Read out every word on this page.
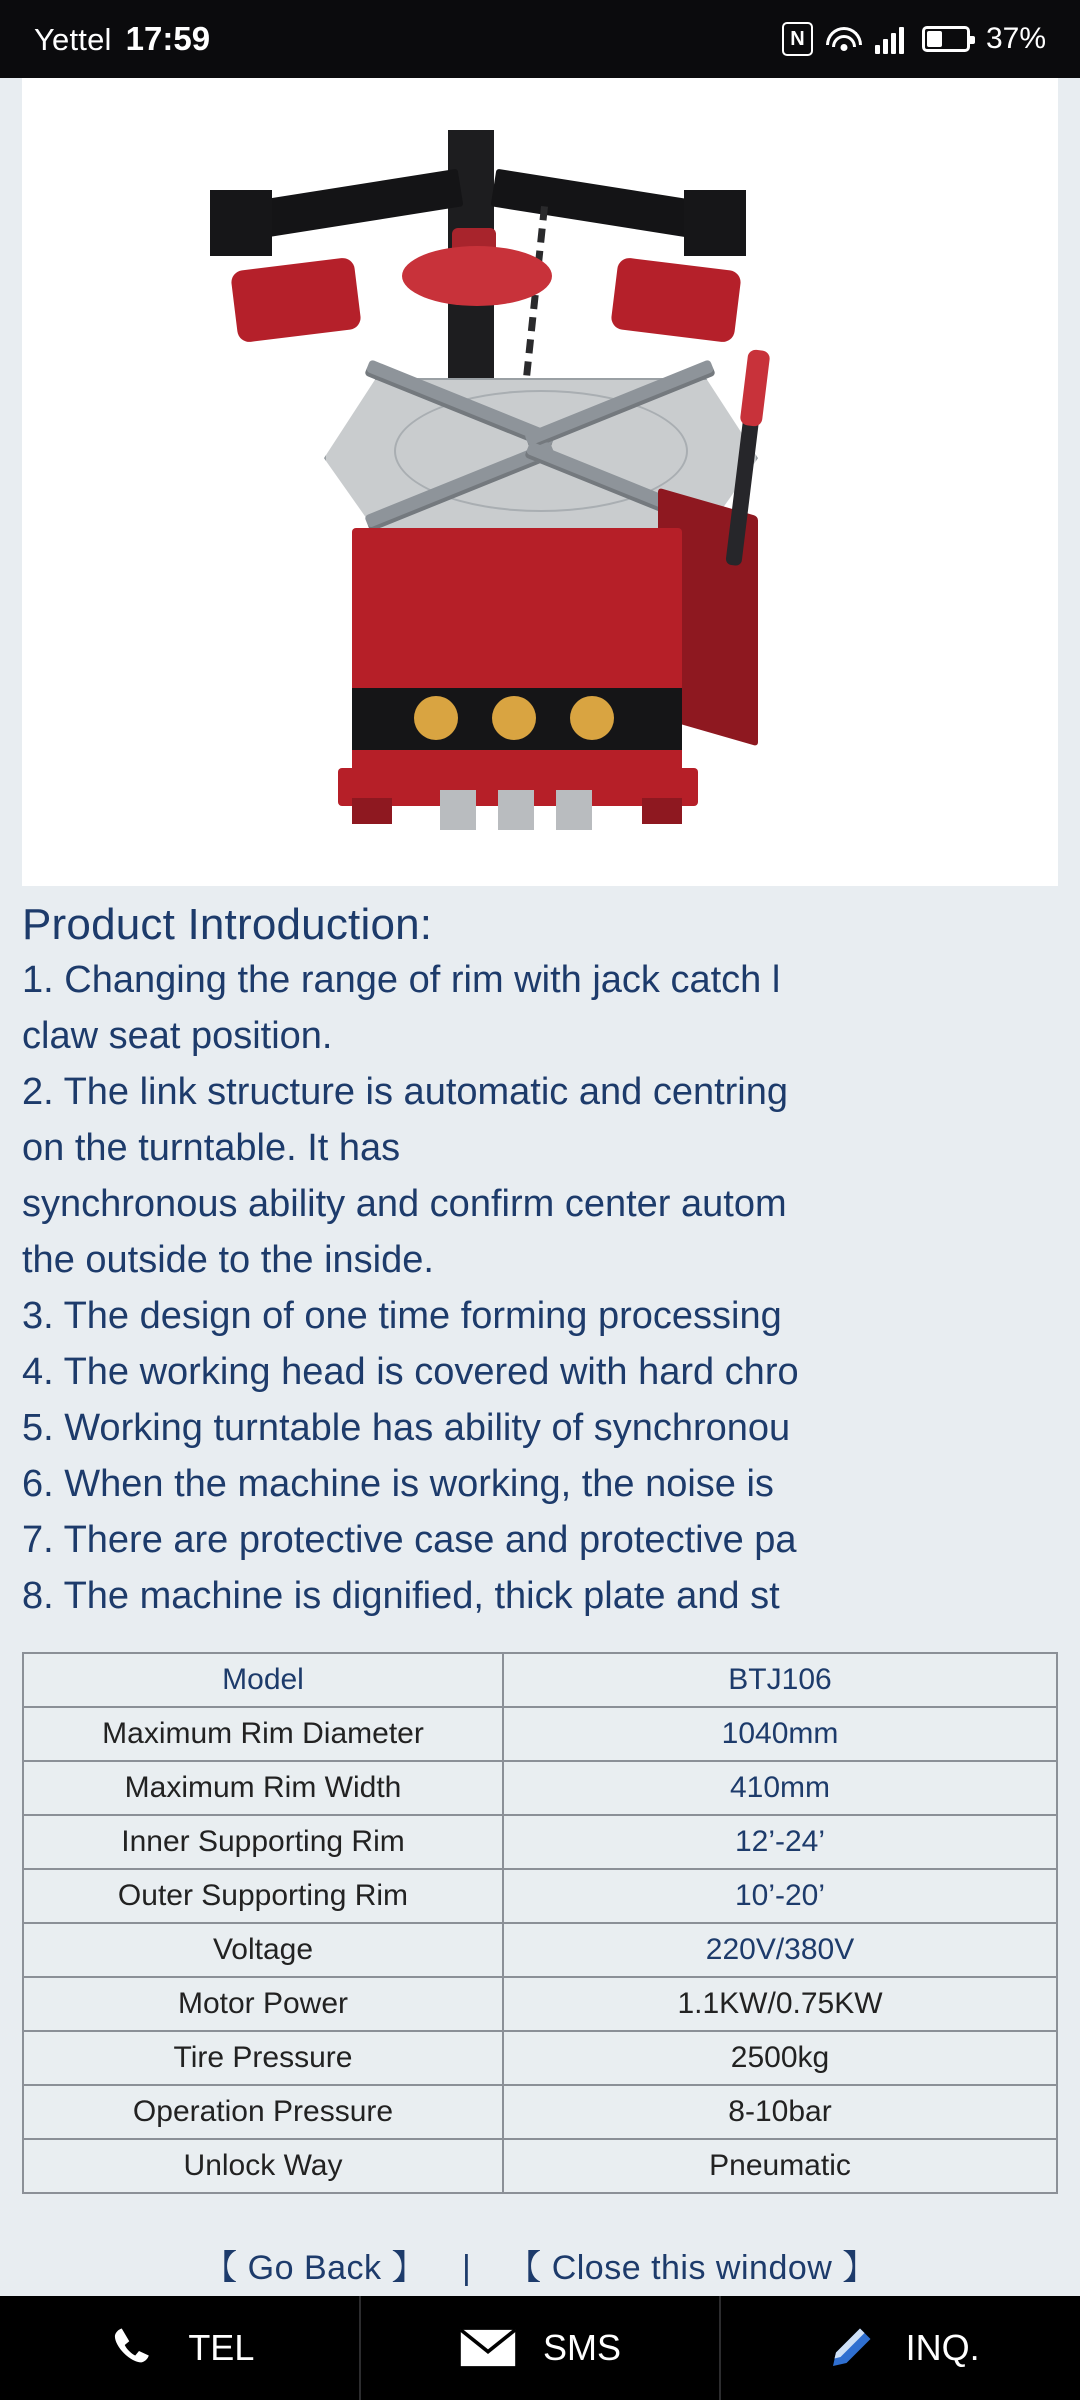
Yettel 17:59	N	37%
Product Introduction:
1. Changing the range of rim with jack catch l
claw seat position.
2. The link structure is automatic and centring
on the turntable. It has
synchronous ability and confirm center autom
the outside to the inside.
3. The design of one time forming processing
4. The working head is covered with hard chro
5. Working turntable has ability of synchronou
6. When the machine is working, the noise is
7. There are protective case and protective pa
8. The machine is dignified, thick plate and st
Model	BTJ106
Maximum Rim Diameter	1040mm
Maximum Rim Width	410mm
Inner Supporting Rim	12’-24’
Outer Supporting Rim	10’-20’
Voltage	220V/380V
Motor Power	1.1KW/0.75KW
Tire Pressure	2500kg
Operation Pressure	8-10bar
Unlock Way	Pneumatic
【 Go Back 】 | 【 Close this window 】
TEL	SMS	INQ.
